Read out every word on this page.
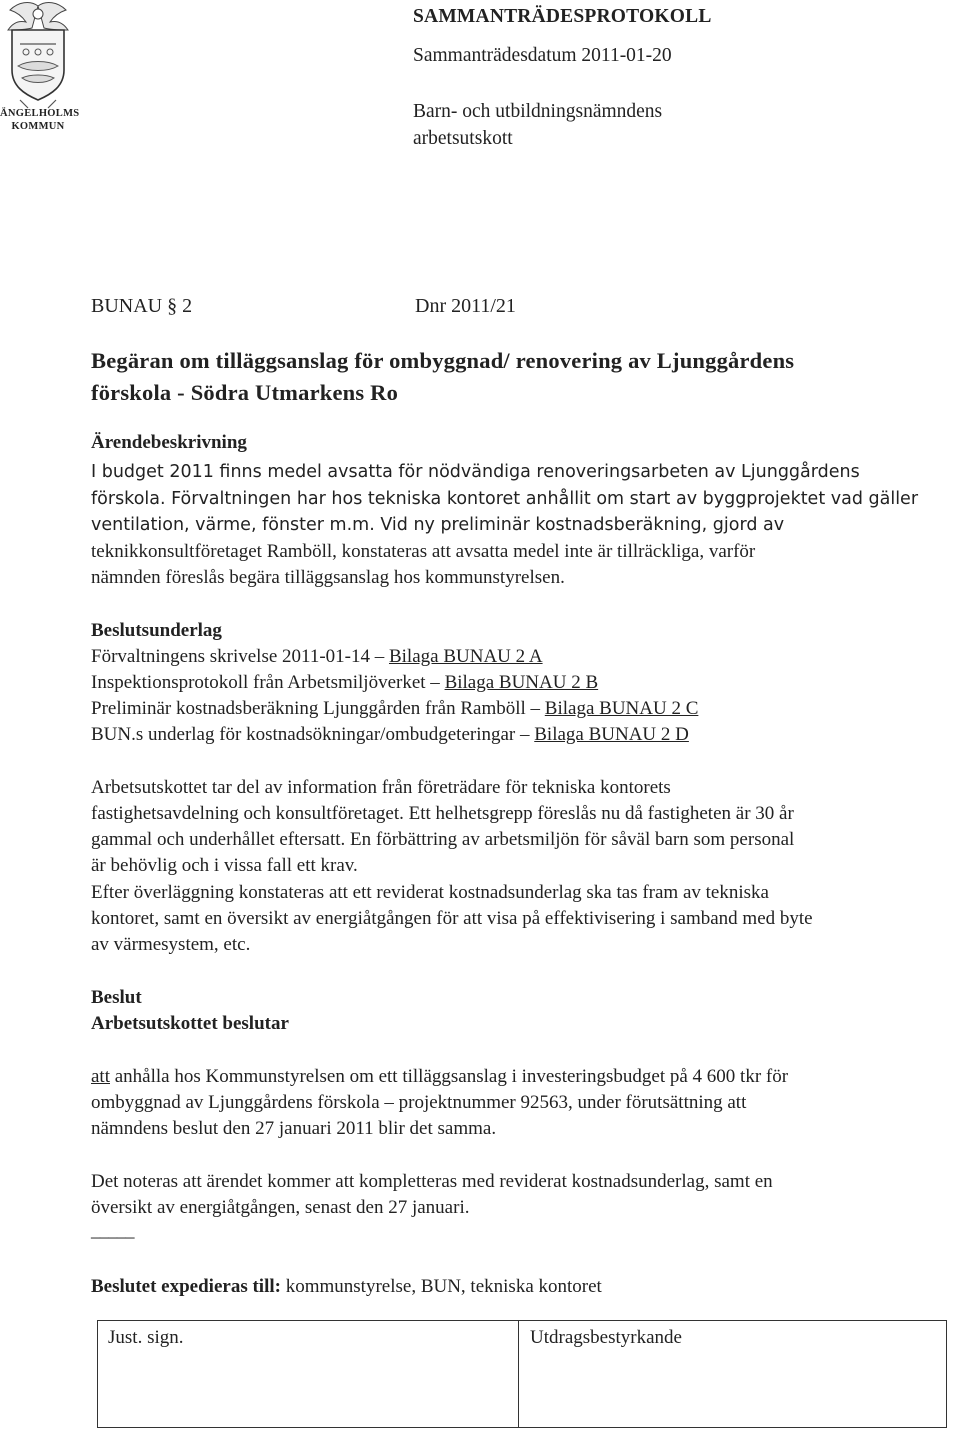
ÄNGELHOLMS
KOMMUN
SAMMANTRÄDESPROTOKOLL
Sammanträdesdatum 2011-01-20
Barn- och utbildningsnämndens
arbetsutskott
BUNAU § 2	Dnr 2011/21
Begäran om tilläggsanslag för ombyggnad/ renovering av Ljunggårdens
förskola - Södra Utmarkens Ro
Ärendebeskrivning
I budget 2011 finns medel avsatta för nödvändiga renoveringsarbeten av Ljunggårdens
förskola. Förvaltningen har hos tekniska kontoret anhållit om start av byggprojektet vad gäller
ventilation, värme, fönster m.m. Vid ny preliminär kostnadsberäkning, gjord av
teknikkonsultföretaget Ramböll, konstateras att avsatta medel inte är tillräckliga, varför
nämnden föreslås begära tilläggsanslag hos kommunstyrelsen.
Beslutsunderlag
Förvaltningens skrivelse 2011-01-14 – Bilaga BUNAU 2 A
Inspektionsprotokoll från Arbetsmiljöverket – Bilaga BUNAU 2 B
Preliminär kostnadsberäkning Ljunggården från Ramböll – Bilaga BUNAU 2 C
BUN.s underlag för kostnadsökningar/ombudgeteringar – Bilaga BUNAU 2 D
Arbetsutskottet tar del av information från företrädare för tekniska kontorets
fastighetsavdelning och konsultföretaget. Ett helhetsgrepp föreslås nu då fastigheten är 30 år
gammal och underhållet eftersatt. En förbättring av arbetsmiljön för såväl barn som personal
är behövlig och i vissa fall ett krav.
Efter överläggning konstateras att ett reviderat kostnadsunderlag ska tas fram av tekniska
kontoret, samt en översikt av energiåtgången för att visa på effektivisering i samband med byte
av värmesystem, etc.
Beslut
Arbetsutskottet beslutar
att anhålla hos Kommunstyrelsen om ett tilläggsanslag i investeringsbudget på 4 600 tkr för
ombyggnad av Ljunggårdens förskola – projektnummer 92563, under förutsättning att
nämndens beslut den 27 januari 2011 blir det samma.
Det noteras att ärendet kommer att kompletteras med reviderat kostnadsunderlag, samt en
översikt av energiåtgången, senast den 27 januari.
_____
Beslutet expedieras till: kommunstyrelse, BUN, tekniska kontoret
Just. sign.	Utdragsbestyrkande
